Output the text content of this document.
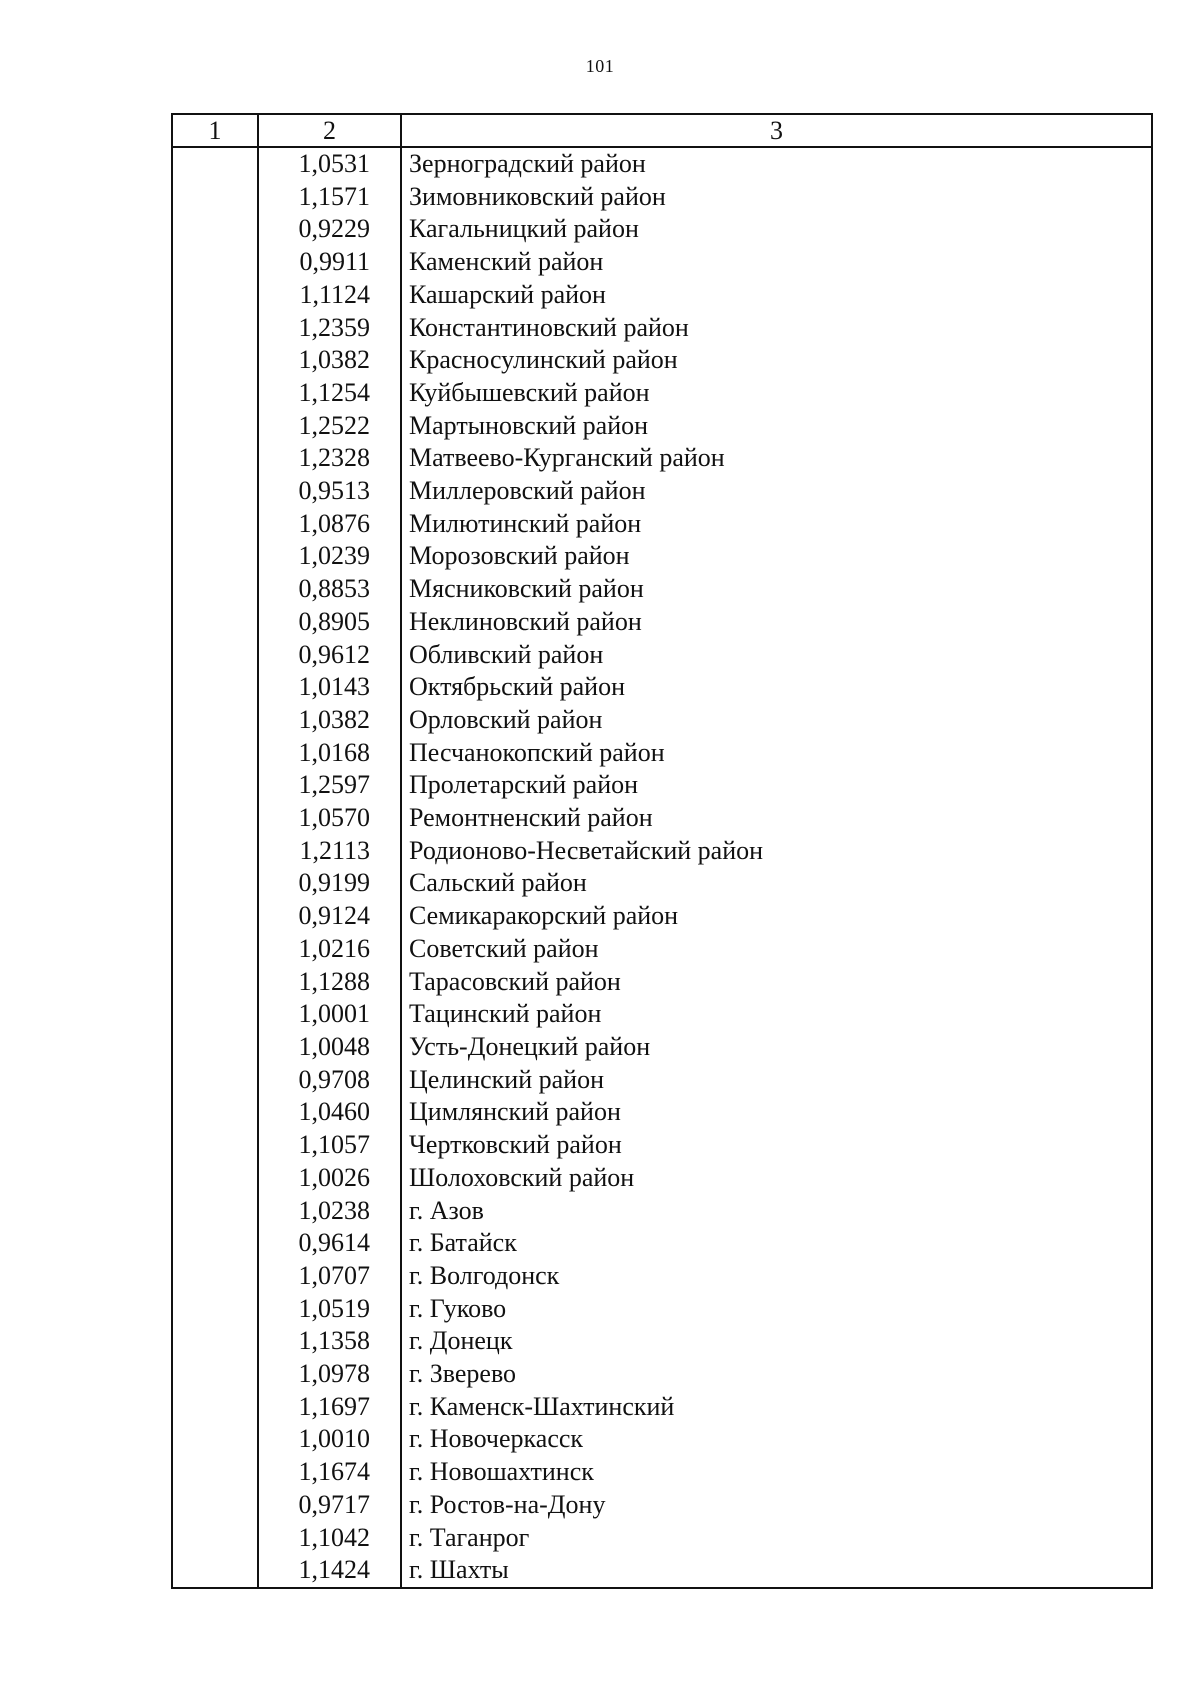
101
1	2	3
	1,0531	Зерноградский район
	1,1571	Зимовниковский район
	0,9229	Кагальницкий район
	0,9911	Каменский район
	1,1124	Кашарский район
	1,2359	Константиновский район
	1,0382	Красносулинский район
	1,1254	Куйбышевский район
	1,2522	Мартыновский район
	1,2328	Матвеево-Курганский район
	0,9513	Миллеровский район
	1,0876	Милютинский район
	1,0239	Морозовский район
	0,8853	Мясниковский район
	0,8905	Неклиновский район
	0,9612	Обливский район
	1,0143	Октябрьский район
	1,0382	Орловский район
	1,0168	Песчанокопский район
	1,2597	Пролетарский район
	1,0570	Ремонтненский район
	1,2113	Родионово-Несветайский район
	0,9199	Сальский район
	0,9124	Семикаракорский район
	1,0216	Советский район
	1,1288	Тарасовский район
	1,0001	Тацинский район
	1,0048	Усть-Донецкий район
	0,9708	Целинский район
	1,0460	Цимлянский район
	1,1057	Чертковский район
	1,0026	Шолоховский район
	1,0238	г. Азов
	0,9614	г. Батайск
	1,0707	г. Волгодонск
	1,0519	г. Гуково
	1,1358	г. Донецк
	1,0978	г. Зверево
	1,1697	г. Каменск-Шахтинский
	1,0010	г. Новочеркасск
	1,1674	г. Новошахтинск
	0,9717	г. Ростов-на-Дону
	1,1042	г. Таганрог
	1,1424	г. Шахты
